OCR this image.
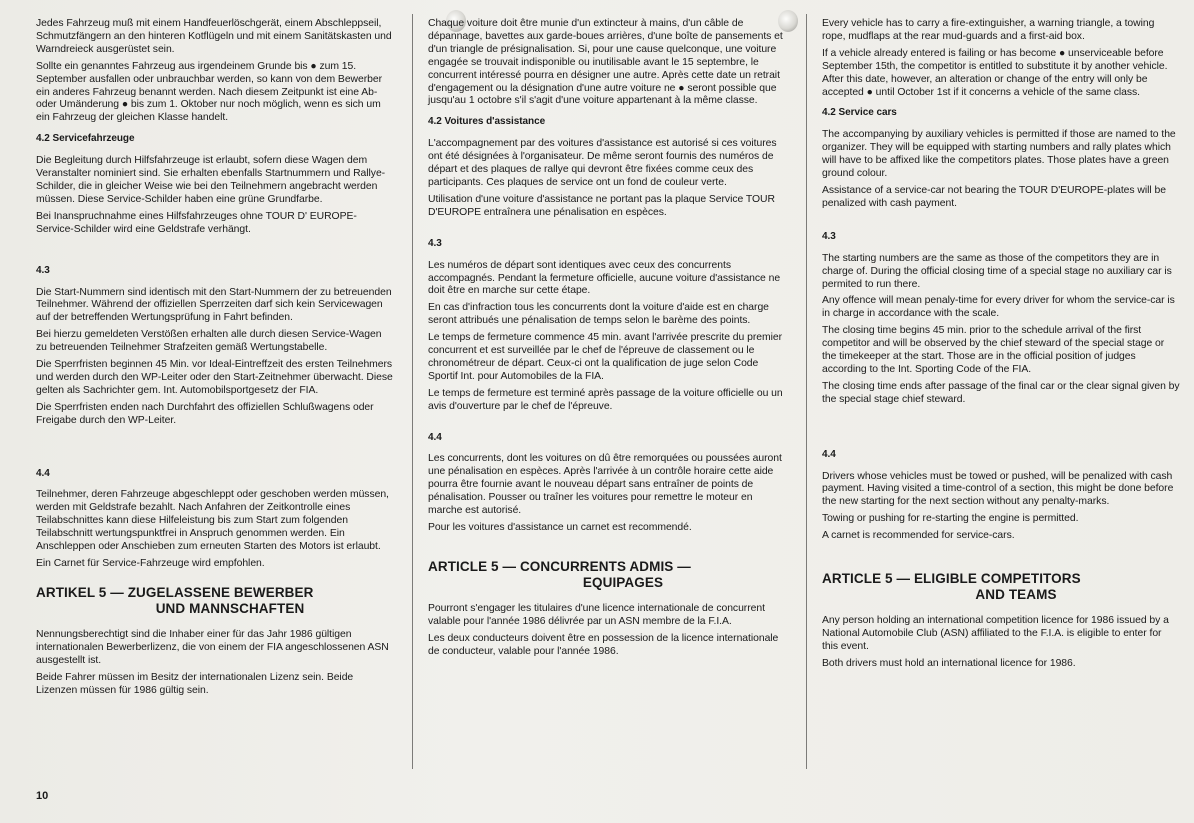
Jedes Fahrzeug muß mit einem Handfeuerlöschgerät, einem Abschleppseil, Schmutzfängern an den hinteren Kotflügeln und mit einem Sanitätskasten und Warndreieck ausgerüstet sein.

Sollte ein genanntes Fahrzeug aus irgendeinem Grunde bis ● zum 15. September ausfallen oder unbrauchbar werden, so kann von dem Bewerber ein anderes Fahrzeug benannt werden. Nach diesem Zeitpunkt ist eine Ab- oder Umänderung ● bis zum 1. Oktober nur noch möglich, wenn es sich um ein Fahrzeug der gleichen Klasse handelt.

4.2 Servicefahrzeuge

Die Begleitung durch Hilfsfahrzeuge ist erlaubt, sofern diese Wagen dem Veranstalter nominiert sind. Sie erhalten ebenfalls Startnummern und Rallye-Schilder, die in gleicher Weise wie bei den Teilnehmern angebracht werden müssen. Diese Service-Schilder haben eine grüne Grundfarbe.

Bei Inanspruchnahme eines Hilfsfahrzeuges ohne TOUR D' EUROPE-Service-Schilder wird eine Geldstrafe verhängt.

4.3

Die Start-Nummern sind identisch mit den Start-Nummern der zu betreuenden Teilnehmer. Während der offiziellen Sperrzeiten darf sich kein Servicewagen auf der betreffenden Wertungsprüfung in Fahrt befinden.

Bei hierzu gemeldeten Verstößen erhalten alle durch diesen Service-Wagen zu betreuenden Teilnehmer Strafzeiten gemäß Wertungstabelle.

Die Sperrfristen beginnen 45 Min. vor Ideal-Eintreffzeit des ersten Teilnehmers und werden durch den WP-Leiter oder den Start-Zeitnehmer überwacht. Diese gelten als Sachrichter gem. Int. Automobilsportgesetz der FIA.

Die Sperrfristen enden nach Durchfahrt des offiziellen Schlußwagens oder Freigabe durch den WP-Leiter.

4.4

Teilnehmer, deren Fahrzeuge abgeschleppt oder geschoben werden müssen, werden mit Geldstrafe bezahlt. Nach Anfahren der Zeitkontrolle eines Teilabschnittes kann diese Hilfeleistung bis zum Start zum folgenden Teilabschnitt wertungspunktfrei in Anspruch genommen werden. Ein Anschleppen oder Anschieben zum erneuten Starten des Motors ist erlaubt.

Ein Carnet für Service-Fahrzeuge wird empfohlen.

ARTIKEL 5 — ZUGELASSENE BEWERBER
UND MANNSCHAFTEN

Nennungsberechtigt sind die Inhaber einer für das Jahr 1986 gültigen internationalen Bewerberlizenz, die von einem der FIA angeschlossenen ASN ausgestellt ist.

Beide Fahrer müssen im Besitz der internationalen Lizenz sein. Beide Lizenzen müssen für 1986 gültig sein.

Chaque voiture doit être munie d'un extincteur à mains, d'un câble de dépannage, bavettes aux garde-boues arrières, d'une boîte de pansements et d'un triangle de présignalisation. Si, pour une cause quelconque, une voiture engagée se trouvait indisponible ou inutilisable avant le 15 septembre, le concurrent intéressé pourra en désigner une autre. Après cette date un retrait d'engagement ou la désignation d'une autre voiture ne ● seront possible que jusqu'au 1 octobre s'il s'agit d'une voiture appartenant à la même classe.

4.2 Voitures d'assistance

L'accompagnement par des voitures d'assistance est autorisé si ces voitures ont été désignées à l'organisateur. De même seront fournis des numéros de départ et des plaques de rallye qui devront être fixées comme ceux des participants. Ces plaques de service ont un fond de couleur verte.

Utilisation d'une voiture d'assistance ne portant pas la plaque Service TOUR D'EUROPE entraînera une pénalisation en espèces.

4.3

Les numéros de départ sont identiques avec ceux des concurrents accompagnés. Pendant la fermeture officielle, aucune voiture d'assistance ne doit être en marche sur cette étape.

En cas d'infraction tous les concurrents dont la voiture d'aide est en charge seront attribués une pénalisation de temps selon le barème des points.

Le temps de fermeture commence 45 min. avant l'arrivée prescrite du premier concurrent et est surveillée par le chef de l'épreuve de classement ou le chronométreur de départ. Ceux-ci ont la qualification de juge selon Code Sportif Int. pour Automobiles de la FIA.

Le temps de fermeture est terminé après passage de la voiture officielle ou un avis d'ouverture par le chef de l'épreuve.

4.4

Les concurrents, dont les voitures on dû être remorquées ou poussées auront une pénalisation en espèces. Après l'arrivée à un contrôle horaire cette aide pourra être fournie avant le nouveau départ sans entraîner de points de pénalisation. Pousser ou traîner les voitures pour remettre le moteur en marche est autorisé.

Pour les voitures d'assistance un carnet est recommendé.

ARTICLE 5 — CONCURRENTS ADMIS —
EQUIPAGES

Pourront s'engager les titulaires d'une licence internationale de concurrent valable pour l'année 1986 délivrée par un ASN membre de la F.I.A.

Les deux conducteurs doivent être en possession de la licence internationale de conducteur, valable pour l'année 1986.

Every vehicle has to carry a fire-extinguisher, a warning triangle, a towing rope, mudflaps at the rear mud-guards and a first-aid box.

If a vehicle already entered is failing or has become ● unserviceable before September 15th, the competitor is entitled to substitute it by another vehicle. After this date, however, an alteration or change of the entry will only be accepted ● until October 1st if it concerns a vehicle of the same class.

4.2 Service cars

The accompanying by auxiliary vehicles is permitted if those are named to the organizer. They will be equipped with starting numbers and rally plates which will have to be affixed like the competitors plates. Those plates have a green ground colour.

Assistance of a service-car not bearing the TOUR D'EUROPE-plates will be penalized with cash payment.

4.3

The starting numbers are the same as those of the competitors they are in charge of. During the official closing time of a special stage no auxiliary car is permited to run there.

Any offence will mean penaly-time for every driver for whom the service-car is in charge in accordance with the scale.

The closing time begins 45 min. prior to the schedule arrival of the first competitor and will be observed by the chief steward of the special stage or the timekeeper at the start. Those are in the official position of judges according to the Int. Sporting Code of the FIA.

The closing time ends after passage of the final car or the clear signal given by the special stage chief steward.

4.4

Drivers whose vehicles must be towed or pushed, will be penalized with cash payment. Having visited a time-control of a section, this might be done before the new starting for the next section without any penalty-marks.

Towing or pushing for re-starting the engine is permitted.

A carnet is recommended for service-cars.

ARTICLE 5 — ELIGIBLE COMPETITORS
AND TEAMS

Any person holding an international competition licence for 1986 issued by a National Automobile Club (ASN) affiliated to the F.I.A. is eligible to enter for this event.

Both drivers must hold an international licence for 1986.

10
